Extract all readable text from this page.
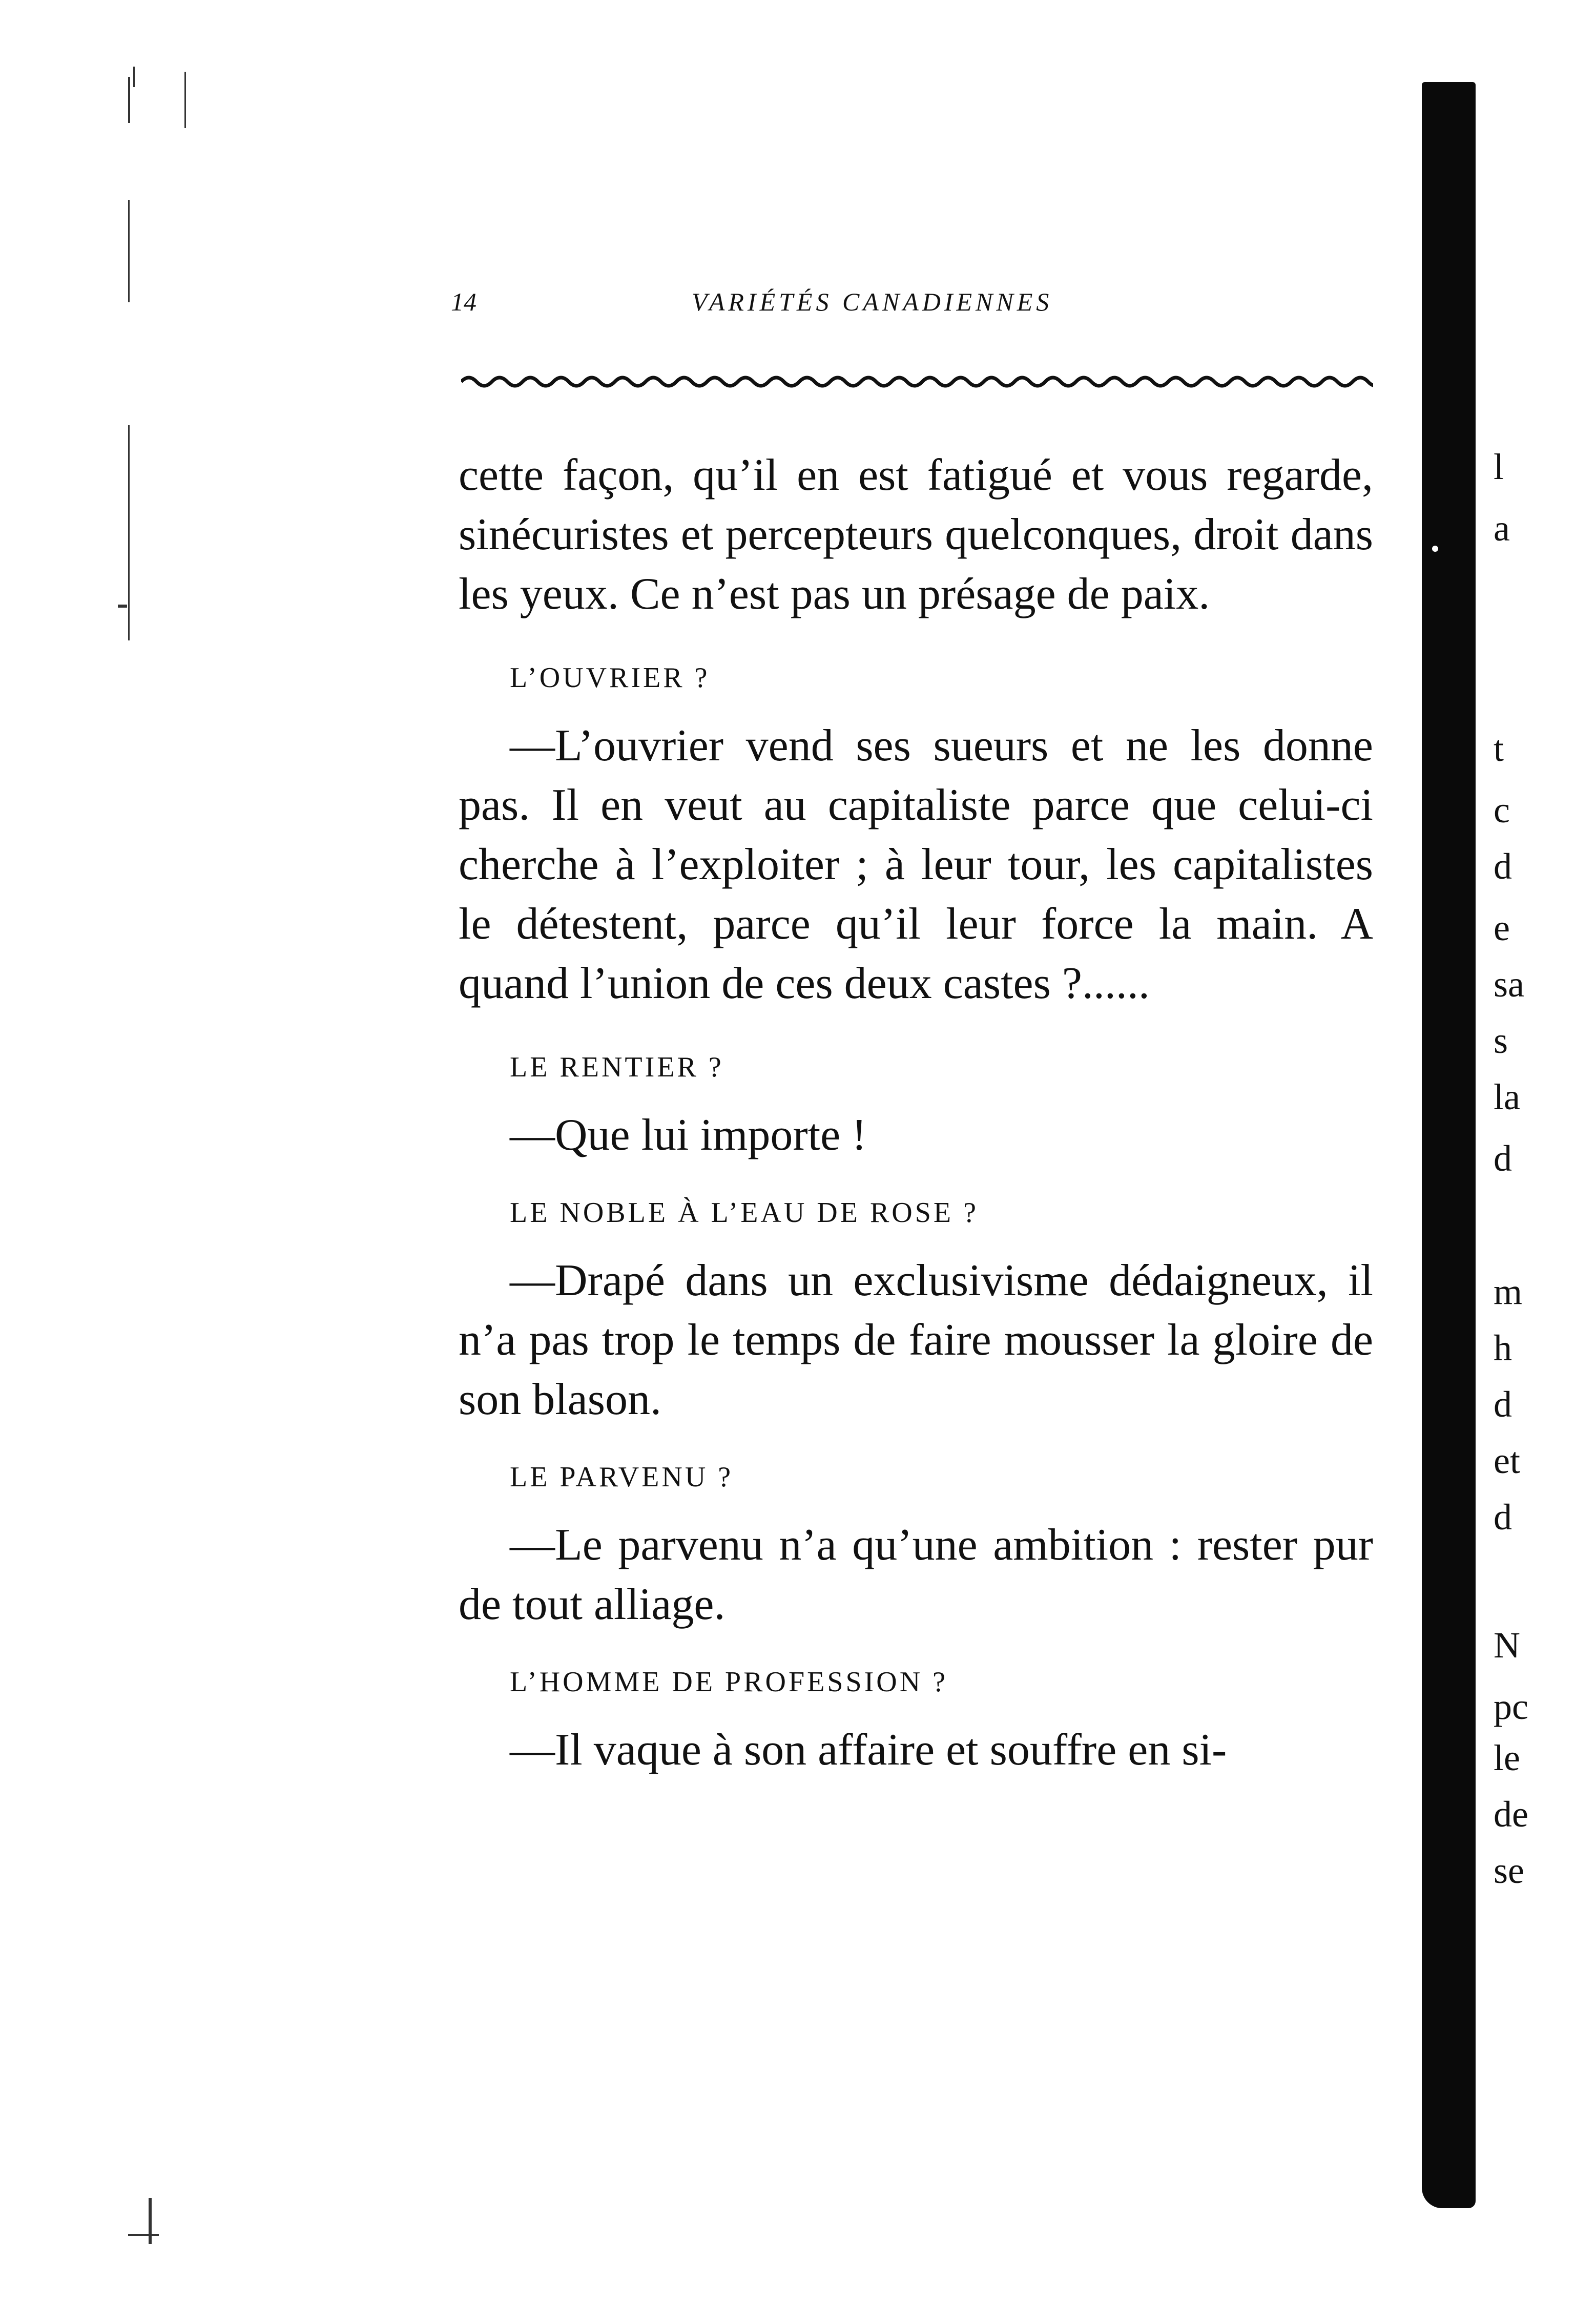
14	VARIÉTÉS CANADIENNES

cette façon, qu’il en est fatigué et vous regarde, sinécuristes et percepteurs quelconques, droit dans les yeux. Ce n’est pas un présage de paix.

L’OUVRIER ?

—L’ouvrier vend ses sueurs et ne les donne pas. Il en veut au capitaliste parce que celui-ci cherche à l’exploiter ; à leur tour, les capitalistes le détestent, parce qu’il leur force la main. A quand l’union de ces deux castes ?......

LE RENTIER ?

—Que lui importe !

LE NOBLE À L’EAU DE ROSE ?

—Drapé dans un exclusivisme dédaigneux, il n’a pas trop le temps de faire mousser la gloire de son blason.

LE PARVENU ?

—Le parvenu n’a qu’une ambition : rester pur de tout alliage.

L’HOMME DE PROFESSION ?

—Il vaque à son affaire et souffre en si-

l
a
t
c
d
e
sa
s
la
d
m
h
d
et
d
N
pc
le
de
se
